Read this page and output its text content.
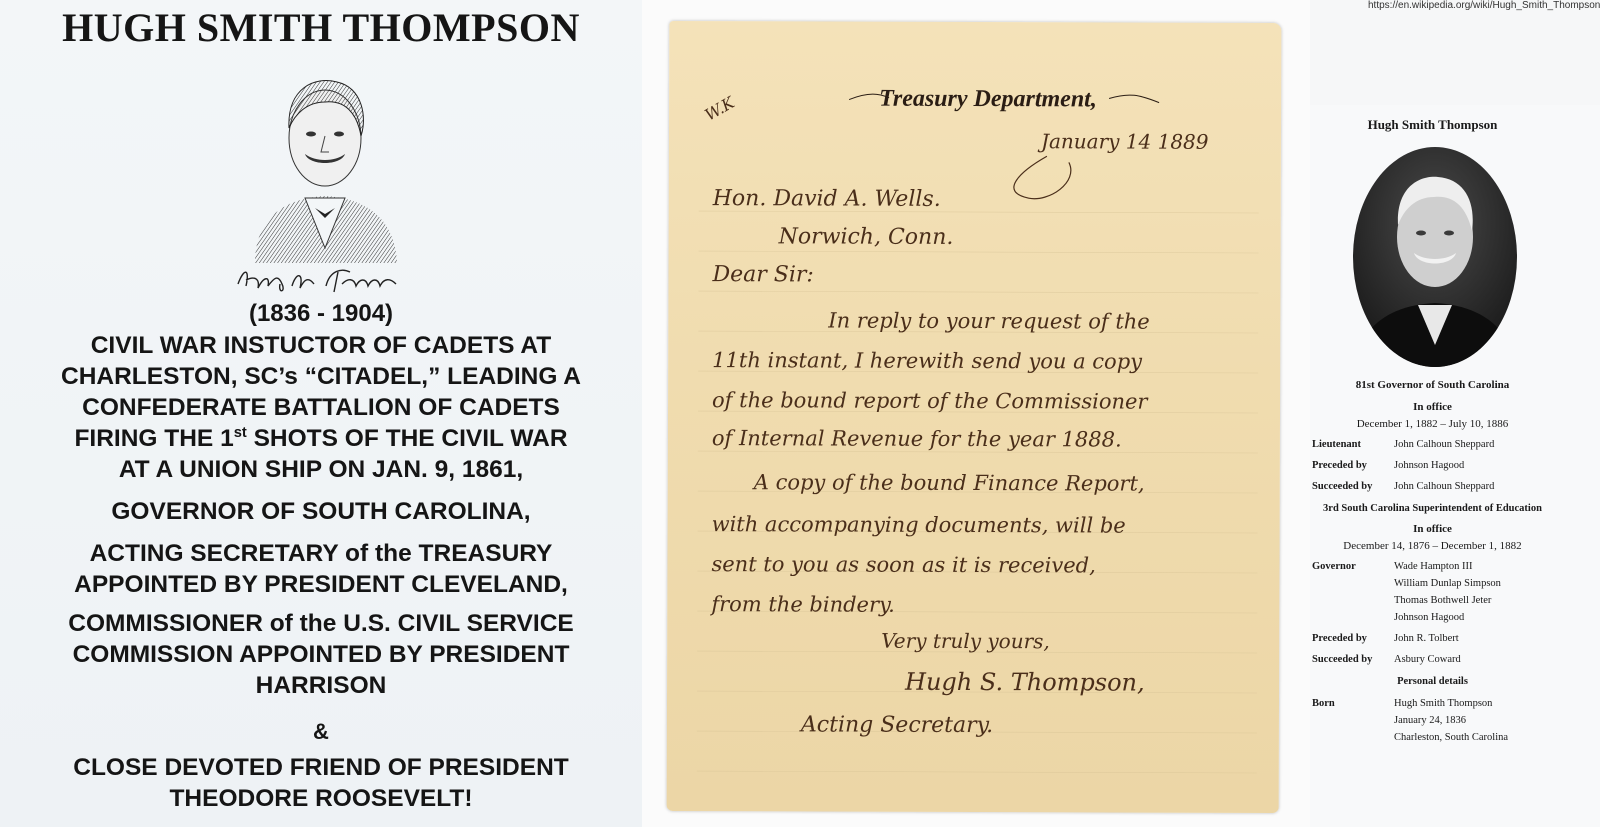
HUGH SMITH THOMPSON
(1836 - 1904)
CIVIL WAR INSTUCTOR OF CADETS AT
CHARLESTON, SC’s “CITADEL,” LEADING A
CONFEDERATE BATTALION OF CADETS
FIRING THE 1st SHOTS OF THE CIVIL WAR
AT A UNION SHIP ON JAN. 9, 1861,
GOVERNOR OF SOUTH CAROLINA,
ACTING SECRETARY of the TREASURY
APPOINTED BY PRESIDENT CLEVELAND,
COMMISSIONER of the U.S. CIVIL SERVICE
COMMISSION APPOINTED BY PRESIDENT
HARRISON
&
CLOSE DEVOTED FRIEND OF PRESIDENT
THEODORE ROOSEVELT!
W.K	Treasury Department,
January 14 1889
Hon. David A. Wells.
Norwich, Conn.
Dear Sir:
In reply to your request of the
11th instant, I herewith send you a copy
of the bound report of the Commissioner
of Internal Revenue for the year 1888.
A copy of the bound Finance Report,
with accompanying documents, will be
sent to you as soon as it is received,
from the bindery.
Very truly yours,
Hugh S. Thompson,
Acting Secretary.
https://en.wikipedia.org/wiki/Hugh_Smith_Thompson
Hugh Smith Thompson
81st Governor of South Carolina
In office
December 1, 1882 – July 10, 1886
Lieutenant	John Calhoun Sheppard
Preceded by	Johnson Hagood
Succeeded by John Calhoun Sheppard
3rd South Carolina Superintendent of Education
In office
December 14, 1876 – December 1, 1882
Governor	Wade Hampton III
William Dunlap Simpson
Thomas Bothwell Jeter
Johnson Hagood
Preceded by	John R. Tolbert
Succeeded by Asbury Coward
Personal details
Born	Hugh Smith Thompson
January 24, 1836
Charleston, South Carolina
